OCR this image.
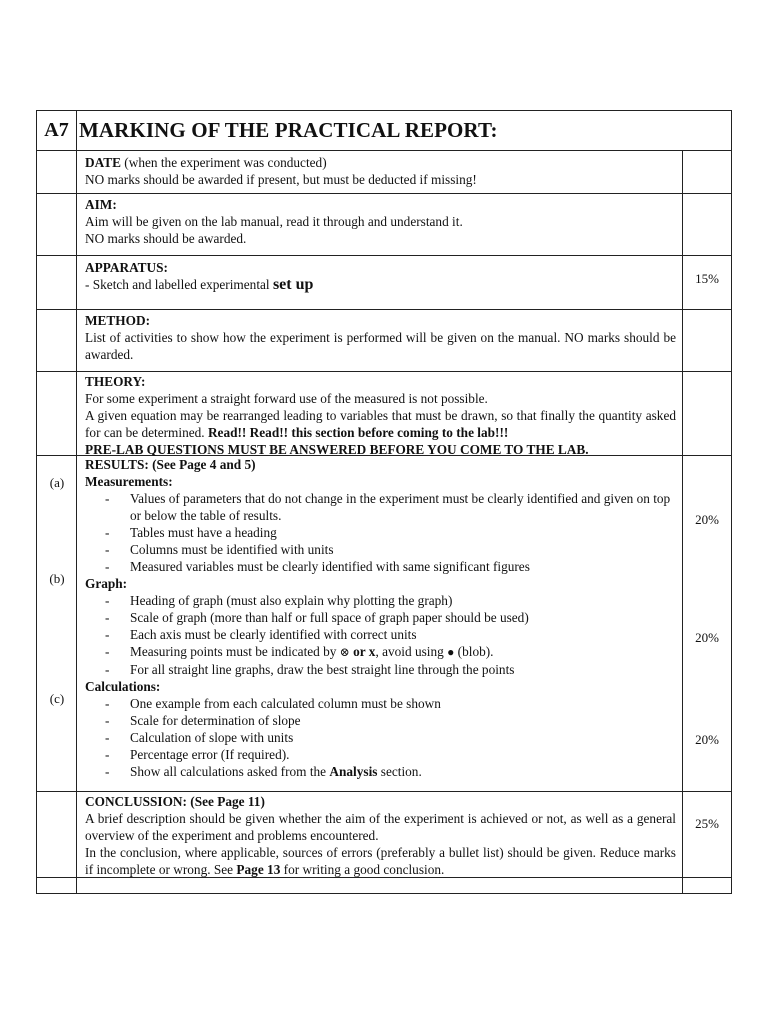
A7 MARKING OF THE PRACTICAL REPORT:
DATE (when the experiment was conducted)
NO marks should be awarded if present, but must be deducted if missing!
AIM:
Aim will be given on the lab manual, read it through and understand it.
NO marks should be awarded.
APPARATUS:
- Sketch and labelled experimental set up	15%
METHOD:
List of activities to show how the experiment is performed will be given on the manual. NO marks should be awarded.
THEORY:
For some experiment a straight forward use of the measured is not possible.
A given equation may be rearranged leading to variables that must be drawn, so that finally the quantity asked for can be determined. Read!! Read!! this section before coming to the lab!!!
PRE-LAB QUESTIONS MUST BE ANSWERED BEFORE YOU COME TO THE LAB.
(a)
(b)
(c)
RESULTS: (See Page 4 and 5)
Measurements:
- Values of parameters that do not change in the experiment must be clearly identified and given on top or below the table of results.
- Tables must have a heading
- Columns must be identified with units
- Measured variables must be clearly identified with same significant figures
Graph:
- Heading of graph (must also explain why plotting the graph)
- Scale of graph (more than half or full space of graph paper should be used)
- Each axis must be clearly identified with correct units
- Measuring points must be indicated by ⊗ or x, avoid using ● (blob).
- For all straight line graphs, draw the best straight line through the points
Calculations:
- One example from each calculated column must be shown
- Scale for determination of slope
- Calculation of slope with units
- Percentage error (If required).
- Show all calculations asked from the Analysis section.
20%
20%
20%
CONCLUSSION: (See Page 11)
A brief description should be given whether the aim of the experiment is achieved or not, as well as a general overview of the experiment and problems encountered.
In the conclusion, where applicable, sources of errors (preferably a bullet list) should be given. Reduce marks if incomplete or wrong. See Page 13 for writing a good conclusion.
25%
